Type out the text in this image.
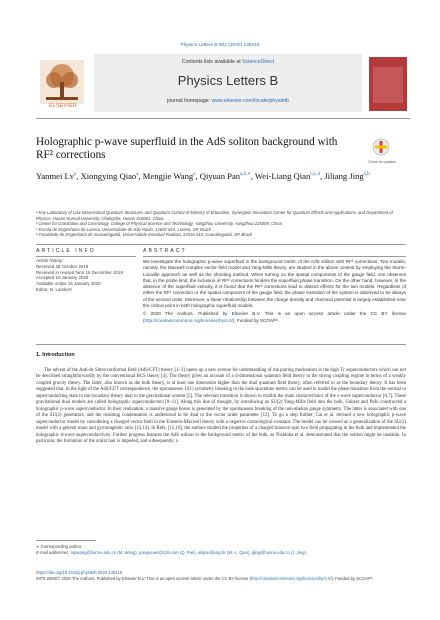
Physics Letters B 802 (2020) 135216
ELSEVIER
Contents lists available at ScienceDirect
Physics Letters B
journal homepage: www.elsevier.com/locate/physletb
Holographic p-wave superfluid in the AdS soliton background with
RF² corrections
Check for updates
Yanmei Lv$^a$, Xiongying Qiao$^a$, Mengjie Wang$^a$, Qiyuan Pan$^{a,b,∗}$, Wei-Liang Qian$^{b,c,d}$, Jiliang Jing$^{a,b}$
ᵃ Key Laboratory of Low Dimensional Quantum Structures and Quantum Control of Ministry of Education, Synergetic Innovation Center for Quantum Effects and Applications, and Department of Physics, Hunan Normal University, Changsha, Hunan 410081, China
ᵇ Center for Gravitation and Cosmology, College of Physical Science and Technology, Yangzhou University, Yangzhou 225009, China
ᶜ Escola de Engenharia de Lorena, Universidade de São Paulo, 12602-810, Lorena, SP, Brazil
ᵈ Faculdade de Engenharia de Guaratinguetá, Universidade Estadual Paulista, 12516-410, Guaratinguetá, SP, Brazil
ARTICLE INFO	ABSTRACT
Article history:
Received 28 October 2019
Received in revised form 16 December 2019
Accepted 10 January 2020
Available online 15 January 2020
Editor: N. Lambert
We investigate the holographic p-wave superfluid in the background metric of the AdS soliton with RF² corrections. Two models, namely, the Maxwell complex vector field model and Yang-Mills theory, are studied in the above context by employing the Sturm-Liouville approach as well as the shooting method. When turning on the spatial components of the gauge field, one observes that, in the probe limit, the inclusion of RF² corrections hinders the superfluid phase transition. On the other hand, however, in the absence of the superfluid velocity, it is found that the RF² corrections lead to distinct effects for the two models. Regardless of either the RF² correction or the spatial component of the gauge field, the phase transition of the system is observed to be always of the second order. Moreover, a linear relationship between the charge density and chemical potential is largely established near the critical point in both holographic superfluid models.
© 2020 The Authors. Published by Elsevier B.V. This is an open access article under the CC BY license (http://creativecommons.org/licenses/by/4.0/). Funded by SCOAP³.
1. Introduction
The advent of the Anti-de Sitter/conformal field (AdS/CFT) theory [1–3] opens up a new avenue for understanding of the pairing mechanism in the high Tc superconductors which can not be described straightforwardly by the conventional BCS theory [4]. The theory gives an account of a d-dimensional quantum field theory in the strong coupling regime in terms of a weakly coupled gravity theory. The latter, also known as the bulk theory, is at least one dimension higher than the dual quantum field theory, often referred to as the boundary theory. It has been suggested that, in the light of the AdS/CFT correspondence, the spontaneous U(1) symmetry breaking in the bulk spacetime metric can be used to model the phase transition from the normal to superconducting state in the boundary theory dual to the gravitational system [5]. The relevant transition is shown to exhibit the main characteristics of the s-wave superconductor [6,7]. These gravitational dual models are called holographic superconductors [8–11]. Along this line of thought, by introducing an SU(2) Yang-Mills field into the bulk, Gubser and Pufu constructed a holographic p-wave superconductor. In their realization, a massive gauge boson is generated by the spontaneous breaking of the non-abelian gauge symmetry. The latter is associated with one of the SU(2) generators, and the resulting condensation is understood to be dual to the vector order parameter [12]. To go a step further, Cai et al. devised a new holographic p-wave superconductor model by considering a charged vector field in the Einstein-Maxwell theory with a negative cosmological constant. The model can be viewed as a generalization of the SU(2) model with a general mass and gyromagnetic ratio [13,14]. In Refs. [15,16], the authors studied the properties of a charged massive spin two field propagating in the bulk and implemented the holographic d-wave superconductivity. Further progress features the AdS soliton in the background metric of the bulk, as Nishioka et al. demonstrated that the soliton might be unstable. In particular, the formation of the scalar hair is impeded, and subsequently, a
∗ Corresponding author.
E-mail addresses: mpwang@hunnu.edu.cn (M. Wang), panqiyuan@126.com (Q. Pan), wlqian@usp.br (W.-L. Qian), jljing@hunnu.edu.cn (J. Jing).
https://doi.org/10.1016/j.physletb.2020.135216
0370-2693/© 2020 The Authors. Published by Elsevier B.V. This is an open access article under the CC BY license (http://creativecommons.org/licenses/by/4.0/). Funded by SCOAP³.
